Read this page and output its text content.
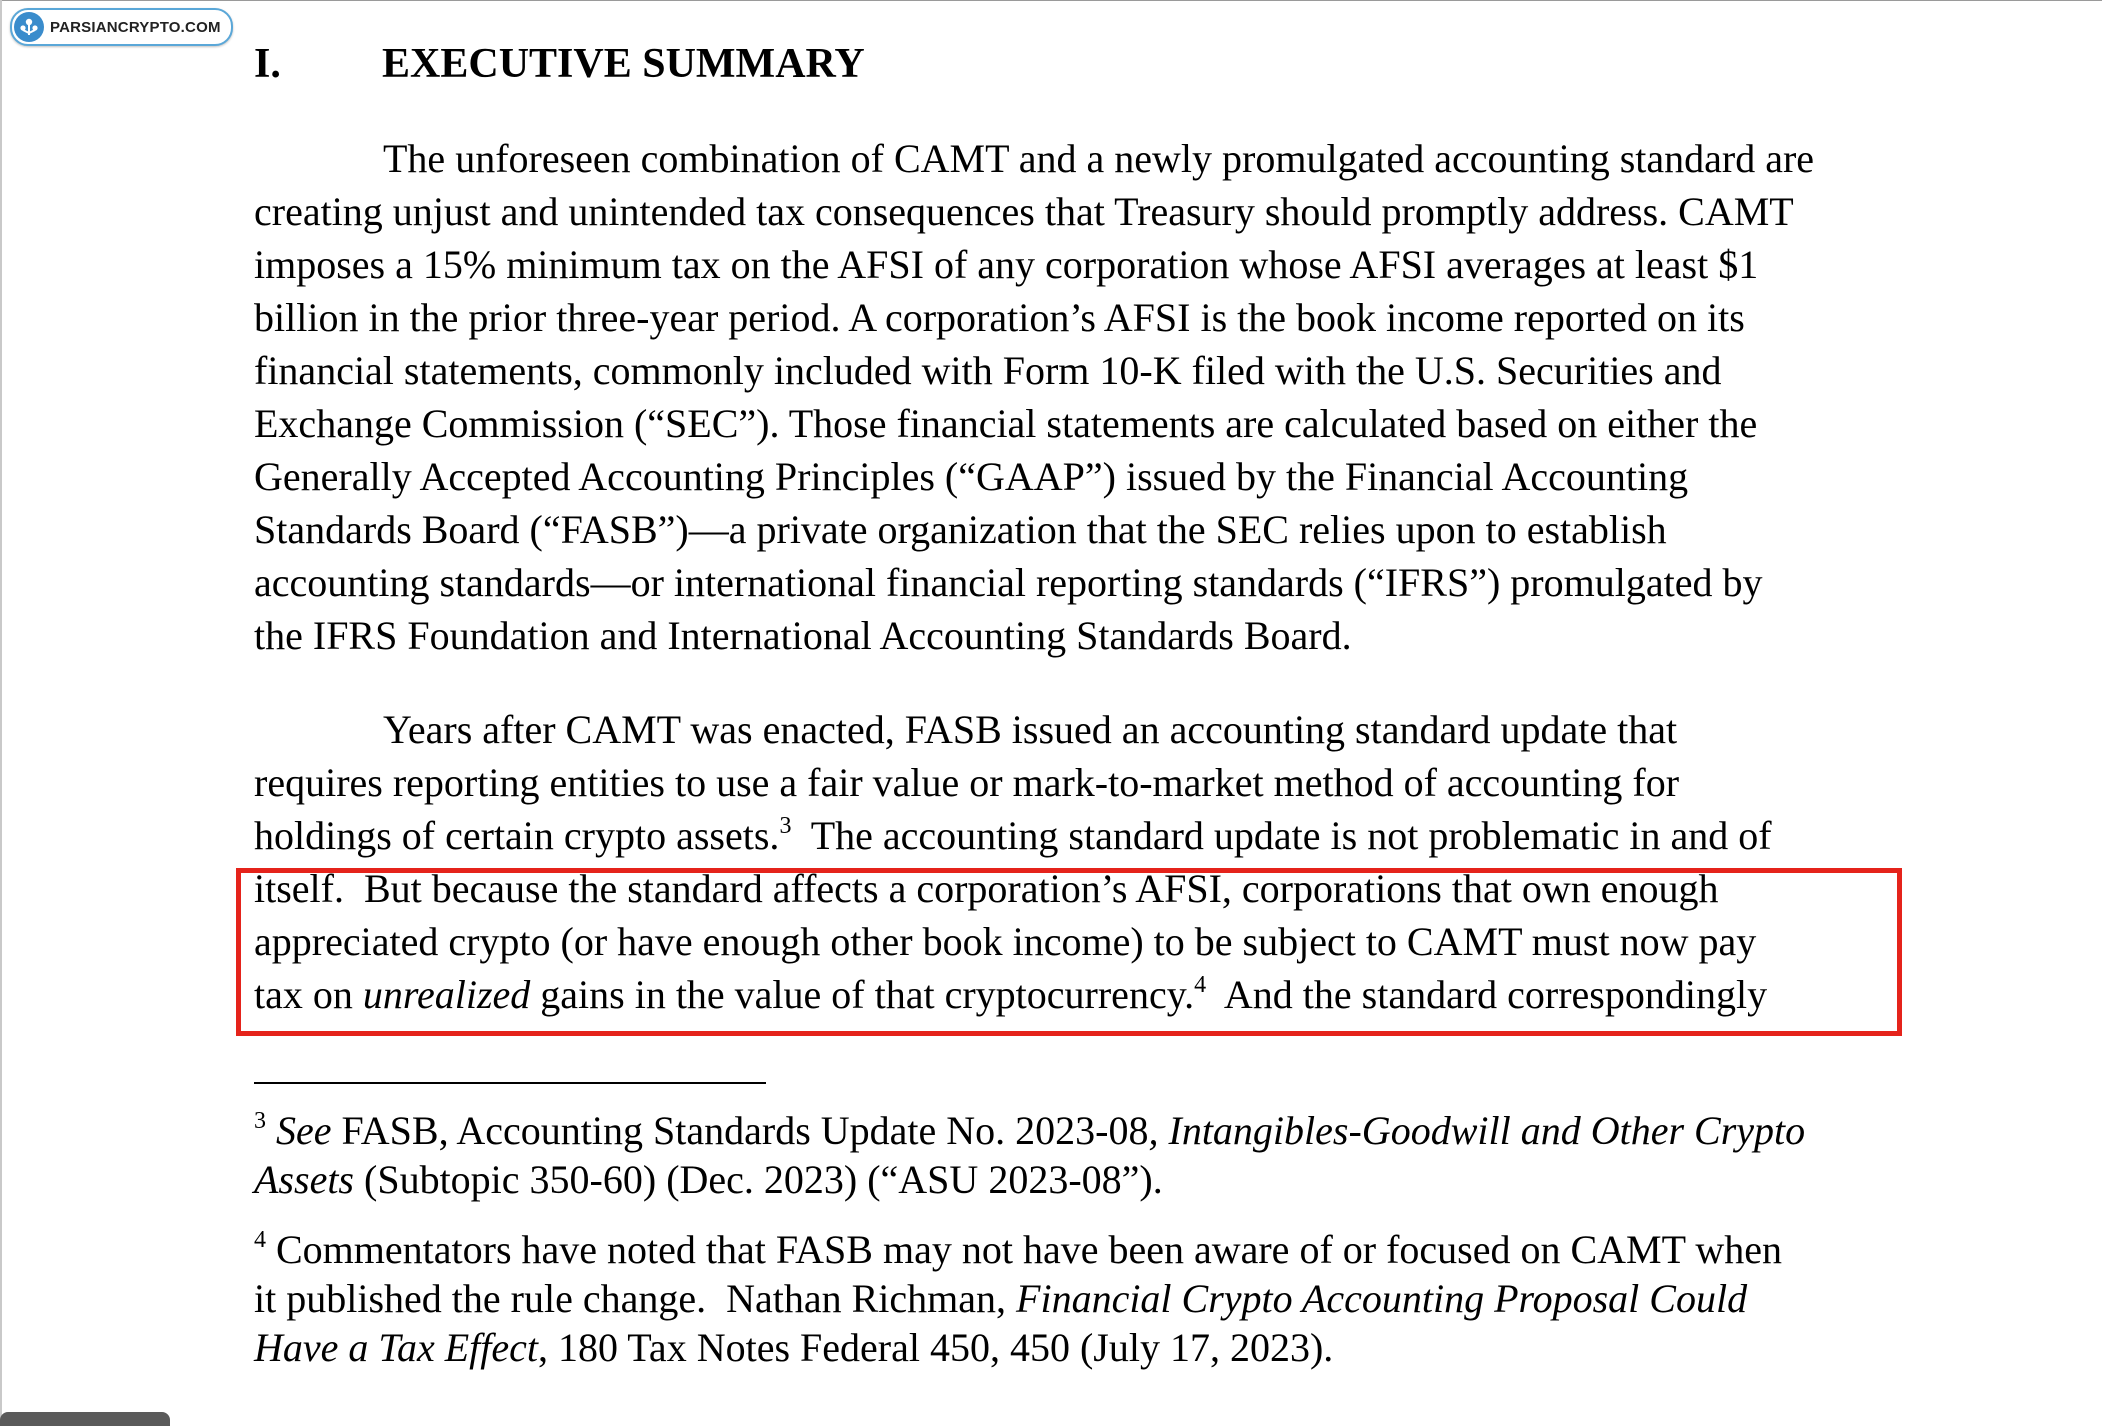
PARSIANCRYPTO.COM
I. EXECUTIVE SUMMARY
The unforeseen combination of CAMT and a newly promulgated accounting standard are
creating unjust and unintended tax consequences that Treasury should promptly address. CAMT
imposes a 15% minimum tax on the AFSI of any corporation whose AFSI averages at least $1
billion in the prior three-year period. A corporation’s AFSI is the book income reported on its
financial statements, commonly included with Form 10-K filed with the U.S. Securities and
Exchange Commission (“SEC”). Those financial statements are calculated based on either the
Generally Accepted Accounting Principles (“GAAP”) issued by the Financial Accounting
Standards Board (“FASB”)—a private organization that the SEC relies upon to establish
accounting standards—or international financial reporting standards (“IFRS”) promulgated by
the IFRS Foundation and International Accounting Standards Board.
Years after CAMT was enacted, FASB issued an accounting standard update that
requires reporting entities to use a fair value or mark-to-market method of accounting for
holdings of certain crypto assets.$^3$  The accounting standard update is not problematic in and of
itself.  But because the standard affects a corporation’s AFSI, corporations that own enough
appreciated crypto (or have enough other book income) to be subject to CAMT must now pay
tax on unrealized gains in the value of that cryptocurrency.$^4$  And the standard correspondingly
$^3$ See FASB, Accounting Standards Update No. 2023-08, Intangibles-Goodwill and Other Crypto
Assets (Subtopic 350-60) (Dec. 2023) (“ASU 2023-08”).
$^4$ Commentators have noted that FASB may not have been aware of or focused on CAMT when
it published the rule change.  Nathan Richman, Financial Crypto Accounting Proposal Could
Have a Tax Effect, 180 Tax Notes Federal 450, 450 (July 17, 2023).
